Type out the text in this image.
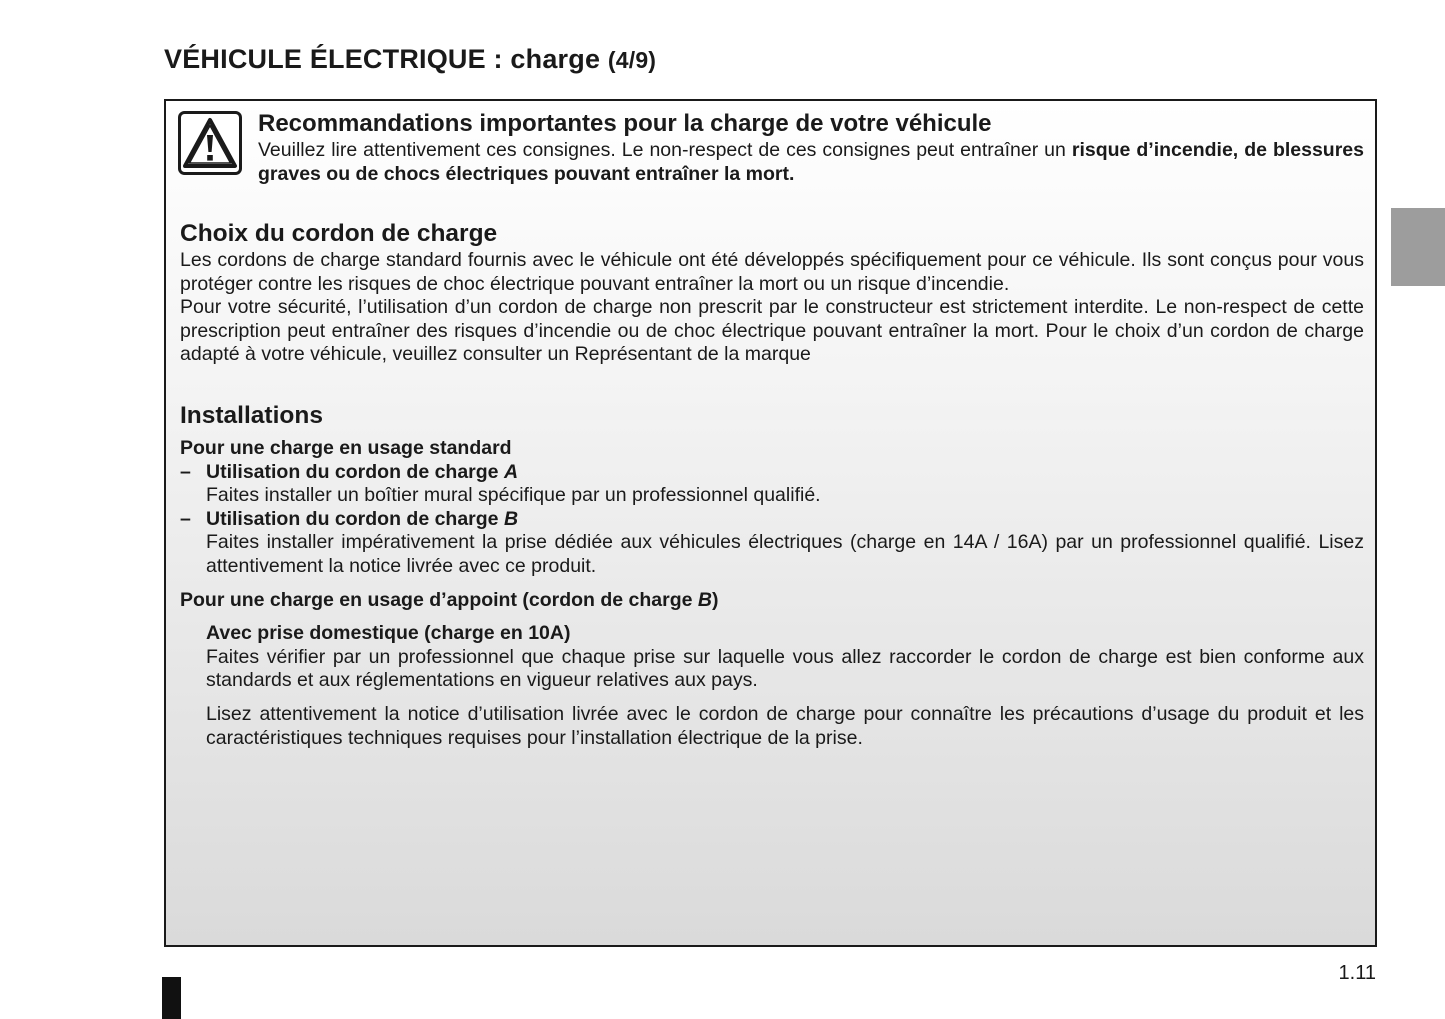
VÉHICULE ÉLECTRIQUE : charge (4/9)
Recommandations importantes pour la charge de votre véhicule
Veuillez lire attentivement ces consignes. Le non-respect de ces consignes peut entraîner un risque d’incendie, de blessures graves ou de chocs électriques pouvant entraîner la mort.
Choix du cordon de charge
Les cordons de charge standard fournis avec le véhicule ont été développés spécifiquement pour ce véhicule. Ils sont conçus pour vous protéger contre les risques de choc électrique pouvant entraîner la mort ou un risque d’incendie.
Pour votre sécurité, l’utilisation d’un cordon de charge non prescrit par le constructeur est strictement interdite. Le non-respect de cette prescription peut entraîner des risques d’incendie ou de choc électrique pouvant entraîner la mort. Pour le choix d’un cordon de charge adapté à votre véhicule, veuillez consulter un Représentant de la marque
Installations
Pour une charge en usage standard
– Utilisation du cordon de charge A
Faites installer un boîtier mural spécifique par un professionnel qualifié.
– Utilisation du cordon de charge B
Faites installer impérativement la prise dédiée aux véhicules électriques (charge en 14A / 16A) par un professionnel qualifié. Lisez attentivement la notice livrée avec ce produit.
Pour une charge en usage d’appoint (cordon de charge B)
Avec prise domestique (charge en 10A)
Faites vérifier par un professionnel que chaque prise sur laquelle vous allez raccorder le cordon de charge est bien conforme aux standards et aux réglementations en vigueur relatives aux pays.
Lisez attentivement la notice d’utilisation livrée avec le cordon de charge pour connaître les précautions d’usage du produit et les caractéristiques techniques requises pour l’installation électrique de la prise.
1.11
